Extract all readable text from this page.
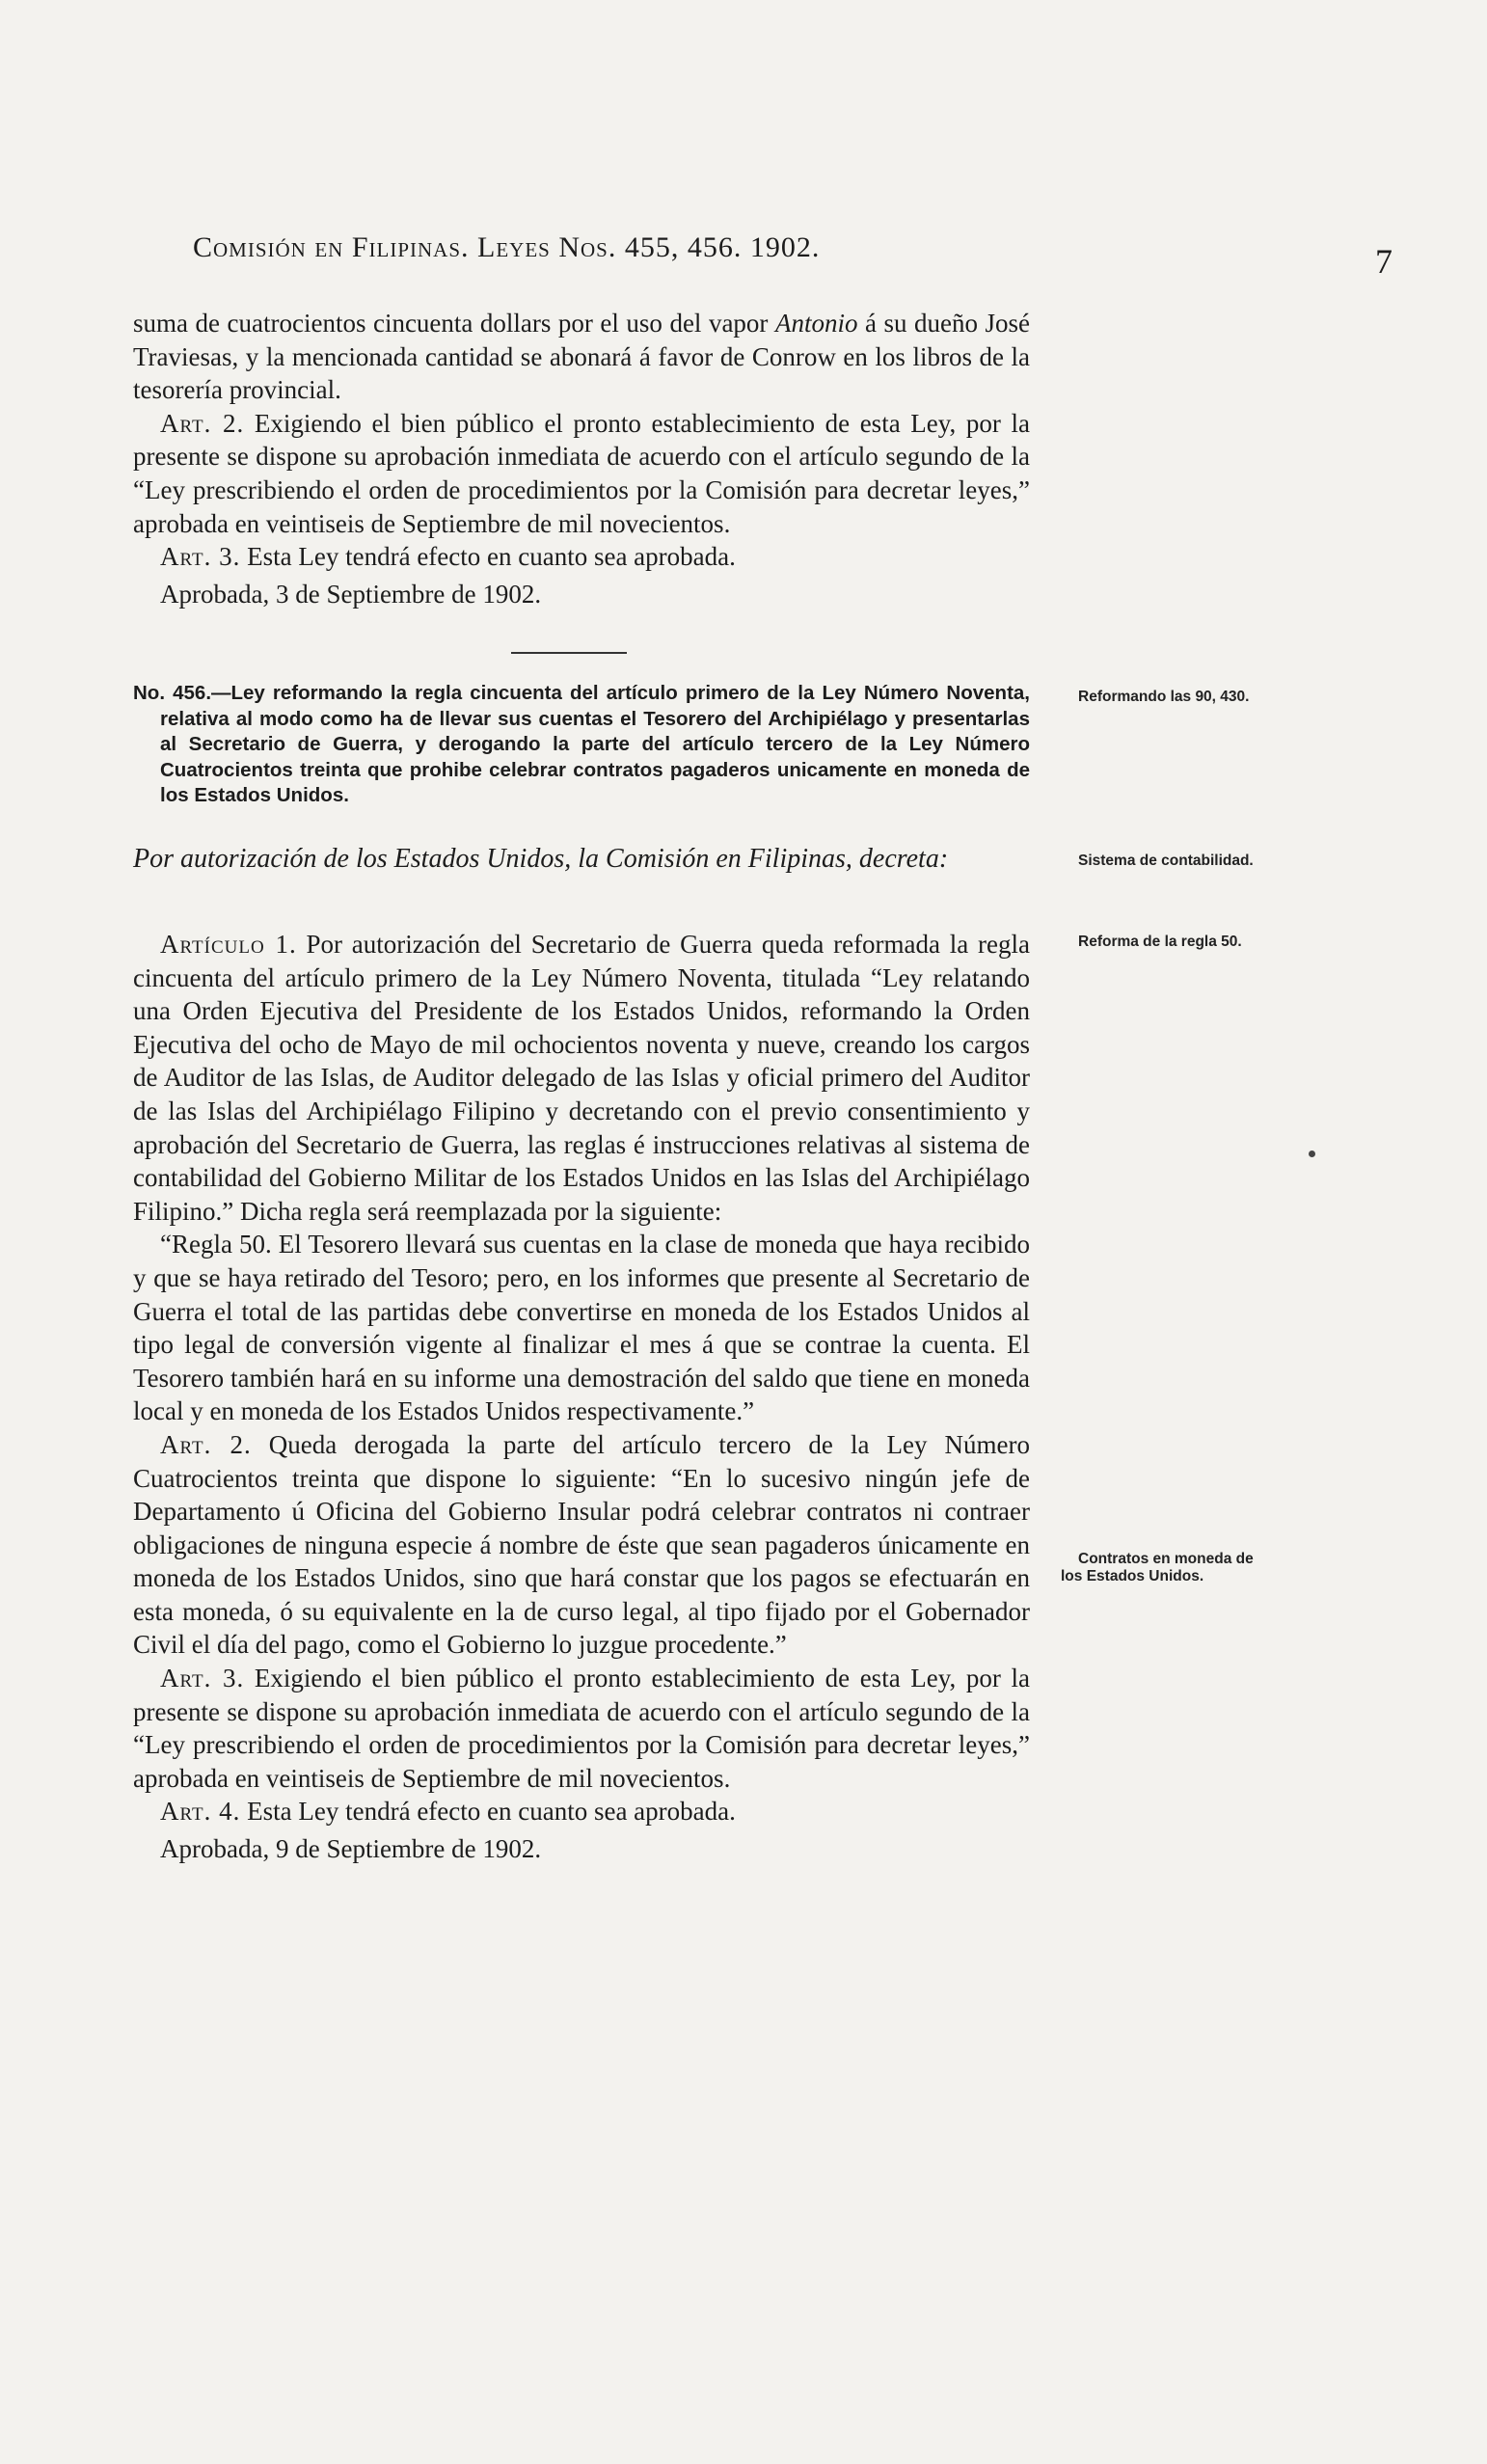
Comisión en Filipinas. Leyes Nos. 455, 456. 1902.	7

suma de cuatrocientos cincuenta dollars por el uso del vapor Antonio á su dueño José Traviesas, y la mencionada cantidad se abonará á favor de Conrow en los libros de la tesorería provincial.

Art. 2. Exigiendo el bien público el pronto establecimiento de esta Ley, por la presente se dispone su aprobación inmediata de acuerdo con el artículo segundo de la “Ley prescribiendo el orden de procedimientos por la Comisión para decretar leyes,” aprobada en veintiseis de Septiembre de mil novecientos.

Art. 3. Esta Ley tendrá efecto en cuanto sea aprobada.

Aprobada, 3 de Septiembre de 1902.

No. 456.—Ley reformando la regla cincuenta del artículo primero de la Ley Número Noventa, relativa al modo como ha de llevar sus cuentas el Tesorero del Archipiélago y presentarlas al Secretario de Guerra, y derogando la parte del artículo tercero de la Ley Número Cuatrocientos treinta que prohibe celebrar contratos pagaderos unicamente en moneda de los Estados Unidos.

Por autorización de los Estados Unidos, la Comisión en Filipinas, decreta:

Artículo 1. Por autorización del Secretario de Guerra queda reformada la regla cincuenta del artículo primero de la Ley Número Noventa, titulada “Ley relatando una Orden Ejecutiva del Presidente de los Estados Unidos, reformando la Orden Ejecutiva del ocho de Mayo de mil ochocientos noventa y nueve, creando los cargos de Auditor de las Islas, de Auditor delegado de las Islas y oficial primero del Auditor de las Islas del Archipiélago Filipino y decretando con el previo consentimiento y aprobación del Secretario de Guerra, las reglas é instrucciones relativas al sistema de contabilidad del Gobierno Militar de los Estados Unidos en las Islas del Archipiélago Filipino.” Dicha regla será reemplazada por la siguiente:

“Regla 50. El Tesorero llevará sus cuentas en la clase de moneda que haya recibido y que se haya retirado del Tesoro; pero, en los informes que presente al Secretario de Guerra el total de las partidas debe convertirse en moneda de los Estados Unidos al tipo legal de conversión vigente al finalizar el mes á que se contrae la cuenta. El Tesorero también hará en su informe una demostración del saldo que tiene en moneda local y en moneda de los Estados Unidos respectivamente.”

Art. 2. Queda derogada la parte del artículo tercero de la Ley Número Cuatrocientos treinta que dispone lo siguiente: “En lo sucesivo ningún jefe de Departamento ú Oficina del Gobierno Insular podrá celebrar contratos ni contraer obligaciones de ninguna especie á nombre de éste que sean pagaderos únicamente en moneda de los Estados Unidos, sino que hará constar que los pagos se efectuarán en esta moneda, ó su equivalente en la de curso legal, al tipo fijado por el Gobernador Civil el día del pago, como el Gobierno lo juzgue procedente.”

Art. 3. Exigiendo el bien público el pronto establecimiento de esta Ley, por la presente se dispone su aprobación inmediata de acuerdo con el artículo segundo de la “Ley prescribiendo el orden de procedimientos por la Comisión para decretar leyes,” aprobada en veintiseis de Septiembre de mil novecientos.

Art. 4. Esta Ley tendrá efecto en cuanto sea aprobada.

Aprobada, 9 de Septiembre de 1902.

Reformando las 90, 430.
Sistema de contabilidad.
Reforma de la regla 50.
Contratos en moneda de los Estados Unidos.
